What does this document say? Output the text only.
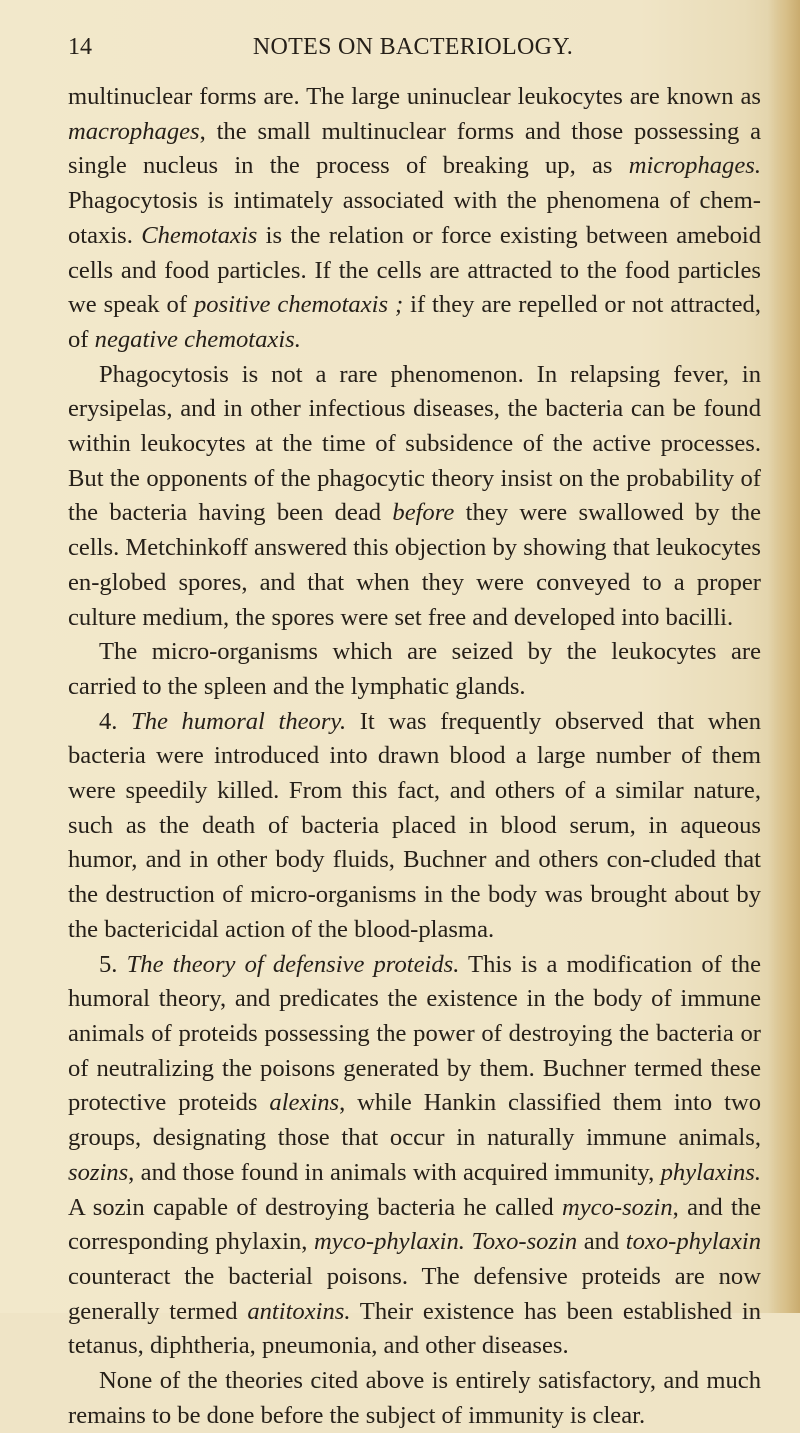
14	NOTES ON BACTERIOLOGY.

multinuclear forms are. The large uninuclear leukocytes are known as macrophages, the small multinuclear forms and those possessing a single nucleus in the process of breaking up, as microphages. Phagocytosis is intimately associated with the phenomena of chem-otaxis. Chemotaxis is the relation or force existing between ameboid cells and food particles. If the cells are attracted to the food particles we speak of positive chemotaxis ; if they are repelled or not attracted, of negative chemotaxis.

Phagocytosis is not a rare phenomenon. In relapsing fever, in erysipelas, and in other infectious diseases, the bacteria can be found within leukocytes at the time of subsidence of the active processes. But the opponents of the phagocytic theory insist on the probability of the bacteria having been dead before they were swallowed by the cells. Metchinkoff answered this objection by showing that leukocytes en-globed spores, and that when they were conveyed to a proper culture medium, the spores were set free and developed into bacilli.

The micro-organisms which are seized by the leukocytes are carried to the spleen and the lymphatic glands.

4. The humoral theory. It was frequently observed that when bacteria were introduced into drawn blood a large number of them were speedily killed. From this fact, and others of a similar nature, such as the death of bacteria placed in blood serum, in aqueous humor, and in other body fluids, Buchner and others con-cluded that the destruction of micro-organisms in the body was brought about by the bactericidal action of the blood-plasma.

5. The theory of defensive proteids. This is a modification of the humoral theory, and predicates the existence in the body of immune animals of proteids possessing the power of destroying the bacteria or of neutralizing the poisons generated by them. Buchner termed these protective proteids alexins, while Hankin classified them into two groups, designating those that occur in naturally immune animals, sozins, and those found in animals with acquired immunity, phylaxins. A sozin capable of destroying bacteria he called myco-sozin, and the corresponding phylaxin, myco-phylaxin. Toxo-sozin and toxo-phylaxin counteract the bacterial poisons. The defensive proteids are now generally termed antitoxins. Their existence has been established in tetanus, diphtheria, pneumonia, and other diseases.

None of the theories cited above is entirely satisfactory, and much remains to be done before the subject of immunity is clear.
